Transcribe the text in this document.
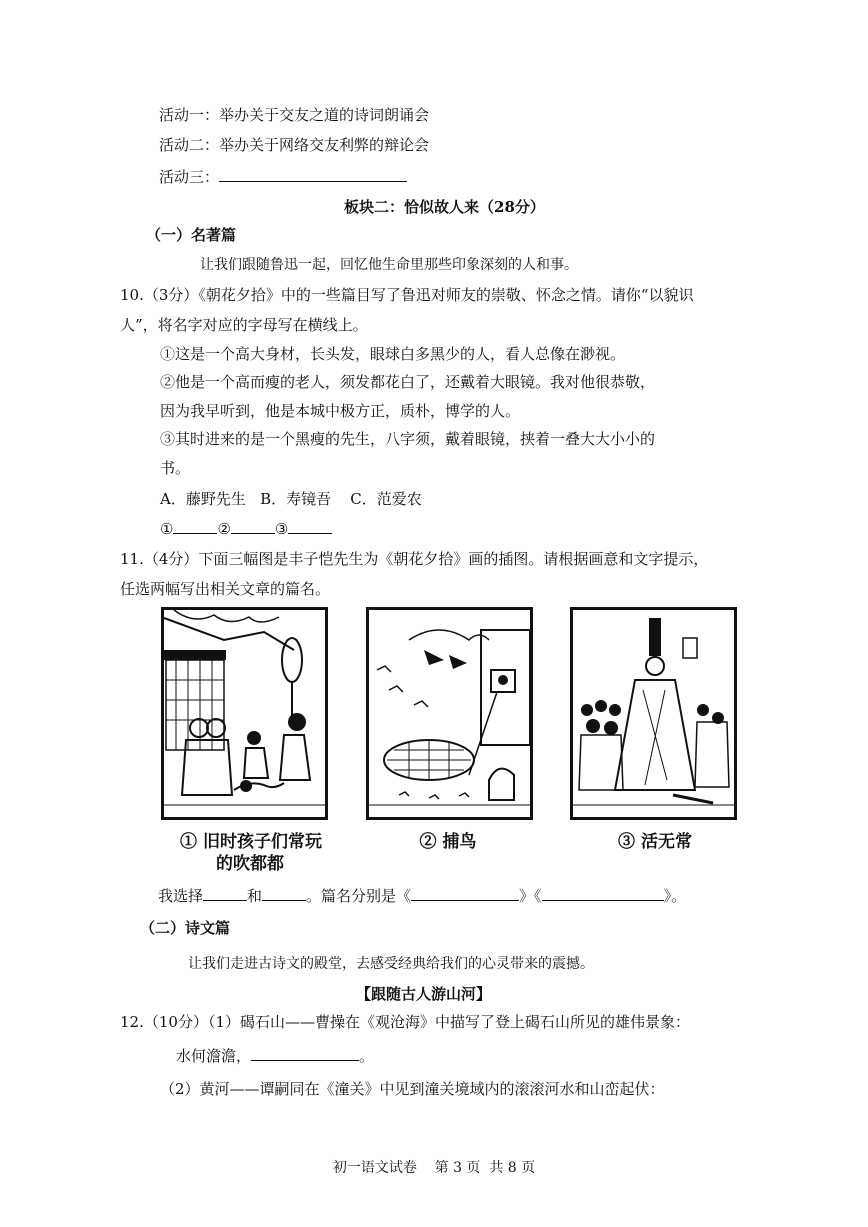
活动一：举办关于交友之道的诗词朗诵会
活动二：举办关于网络交友利弊的辩论会
活动三：
板块二：恰似故人来（28分）
（一）名著篇
让我们跟随鲁迅一起，回忆他生命里那些印象深刻的人和事。
10.（3分）《朝花夕拾》中的一些篇目写了鲁迅对师友的崇敬、怀念之情。请你“以貌识
人”，将名字对应的字母写在横线上。
①这是一个高大身材，长头发，眼球白多黑少的人，看人总像在渺视。
②他是一个高而瘦的老人，须发都花白了，还戴着大眼镜。我对他很恭敬，
因为我早听到，他是本城中极方正，质朴，博学的人。
③其时进来的是一个黑瘦的先生，八字须，戴着眼镜，挟着一叠大大小小的
书。
A．藤野先生   B．寿镜吾    C．范爱农
①	②	③
11.（4分）下面三幅图是丰子恺先生为《朝花夕拾》画的插图。请根据画意和文字提示，
任选两幅写出相关文章的篇名。
① 旧时孩子们常玩
的吹都都
② 捕鸟	③ 活无常
我选择	和	。篇名分别是《	》《	》。
（二）诗文篇
让我们走进古诗文的殿堂，去感受经典给我们的心灵带来的震撼。
【跟随古人游山河】
12.（10分）（1）碣石山——曹操在《观沧海》中描写了登上碣石山所见的雄伟景象：
水何澹澹，	。
（2）黄河——谭嗣同在《潼关》中见到潼关境域内的滚滚河水和山峦起伏：
初一语文试卷    第 3 页  共 8 页
